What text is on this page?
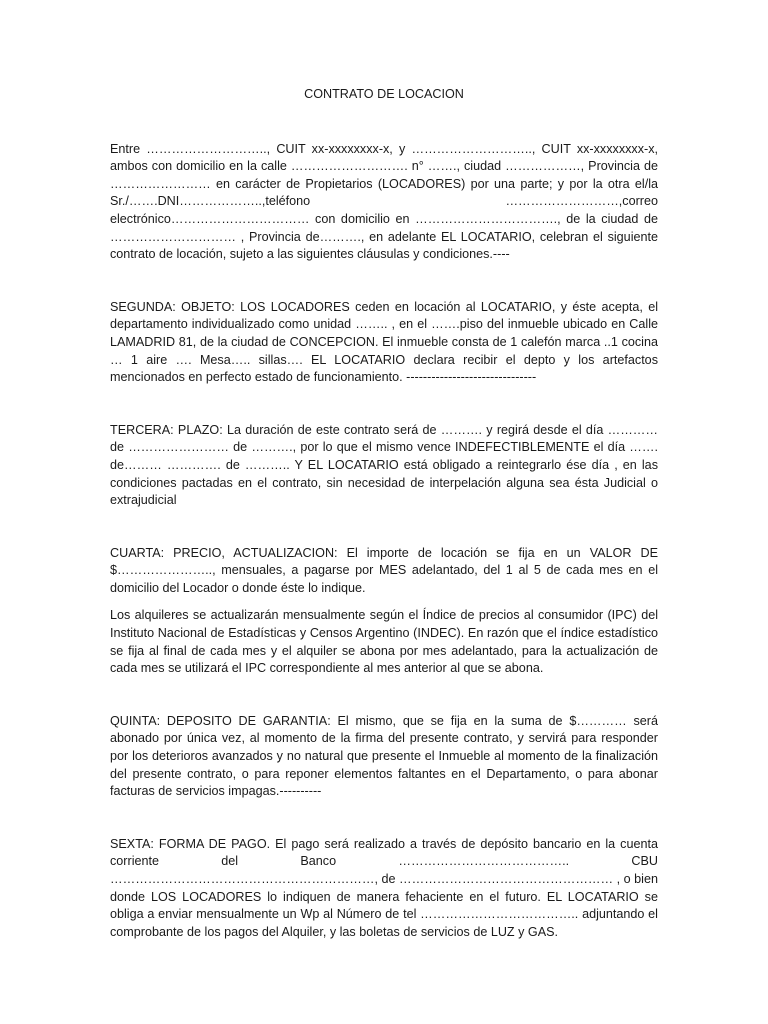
CONTRATO DE LOCACION

Entre ……………………….., CUIT xx-xxxxxxxx-x, y ……………………….., CUIT xx-xxxxxxxx-x, ambos con domicilio en la calle ………………………. n° ……., ciudad ………………, Provincia de …………………… en carácter de Propietarios (LOCADORES) por una parte; y por la otra el/la Sr./…….DNI………………..,teléfono ………………………,correo electrónico…………………………… con domicilio en ……………………………., de la ciudad de ………………………… , Provincia de………., en adelante EL LOCATARIO, celebran el siguiente contrato de locación, sujeto a las siguientes cláusulas y condiciones.----

SEGUNDA: OBJETO: LOS LOCADORES ceden en locación al LOCATARIO, y éste acepta, el departamento individualizado como unidad …….. , en el …….piso del inmueble ubicado en Calle LAMADRID 81, de la ciudad de CONCEPCION. El inmueble consta de 1 calefón marca ..1 cocina … 1 aire …. Mesa….. sillas…. EL LOCATARIO declara recibir el depto y los artefactos mencionados en perfecto estado de funcionamiento. -------------------------------

TERCERA: PLAZO: La duración de este contrato será de ………. y regirá desde el día …………de …………………… de ………., por lo que el mismo vence INDEFECTIBLEMENTE el día ……. de……… …………. de ……….. Y EL LOCATARIO está obligado a reintegrarlo ése día , en las condiciones pactadas en el contrato, sin necesidad de interpelación alguna sea ésta Judicial o extrajudicial

CUARTA: PRECIO, ACTUALIZACION: El importe de locación se fija en un VALOR DE $………………….., mensuales, a pagarse por MES adelantado, del 1 al 5 de cada mes en el domicilio del Locador o donde éste lo indique.

Los alquileres se actualizarán mensualmente según el Índice de precios al consumidor (IPC) del Instituto Nacional de Estadísticas y Censos Argentino (INDEC). En razón que el índice estadístico se fija al final de cada mes y el alquiler se abona por mes adelantado, para la actualización de cada mes se utilizará el IPC correspondiente al mes anterior al que se abona.

QUINTA: DEPOSITO DE GARANTIA: El mismo, que se fija en la suma de $………… será abonado por única vez, al momento de la firma del presente contrato, y servirá para responder por los deterioros avanzados y no natural que presente el Inmueble al momento de la finalización del presente contrato, o para reponer elementos faltantes en el Departamento, o para abonar facturas de servicios impagas.----------

SEXTA: FORMA DE PAGO. El pago será realizado a través de depósito bancario en la cuenta corriente del Banco ………………………………….. CBU ………………………………………………………, de …………………………………………… , o bien donde LOS LOCADORES lo indiquen de manera fehaciente en el futuro. EL LOCATARIO se obliga a enviar mensualmente un Wp al Número de tel ……………………………….. adjuntando el comprobante de los pagos del Alquiler, y las boletas de servicios de LUZ y GAS.
